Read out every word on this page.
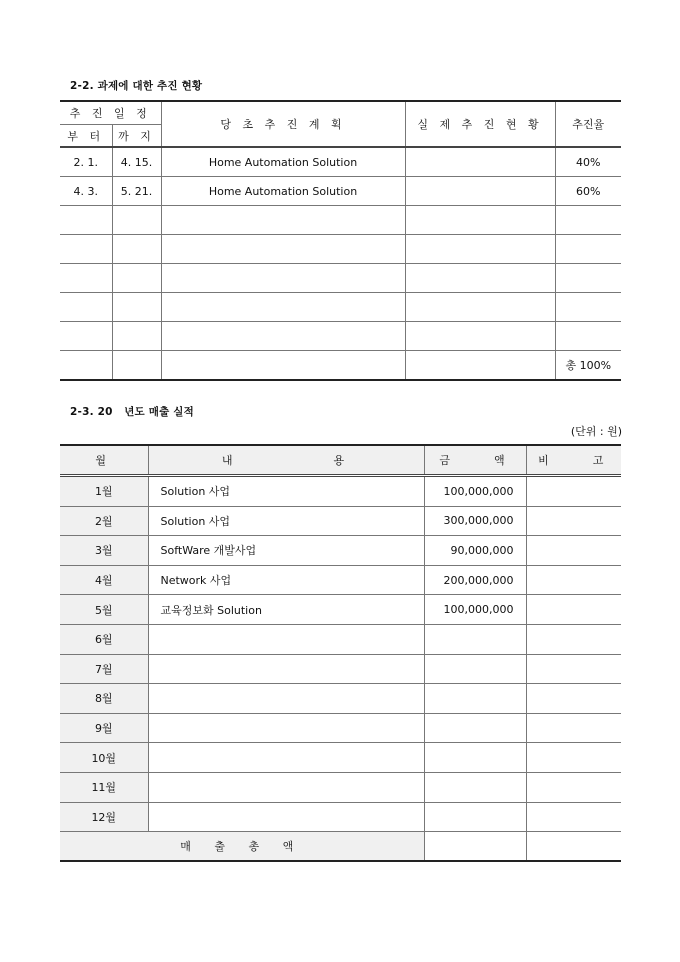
2-2. 과제에 대한 추진 현황
추 진 일 정		당 초 추 진 계 획	실 제 추 진 현 황	추진율
부 터	까 지			
2. 1.	4. 15.	Home Automation Solution		40%
4. 3.	5. 21.	Home Automation Solution		60%

				총 100%
2-3. 20   년도 매출 실적
(단위 : 원)
월	내          용	금    액	비    고
1월	Solution 사업	100,000,000	
2월	Solution 사업	300,000,000	
3월	SoftWare 개발사업	90,000,000	
4월	Network 사업	200,000,000	
5월	교육정보화 Solution	100,000,000	
6월			
7월			
8월			
9월			
10월			
11월			
12월			
매 출 총 액			
